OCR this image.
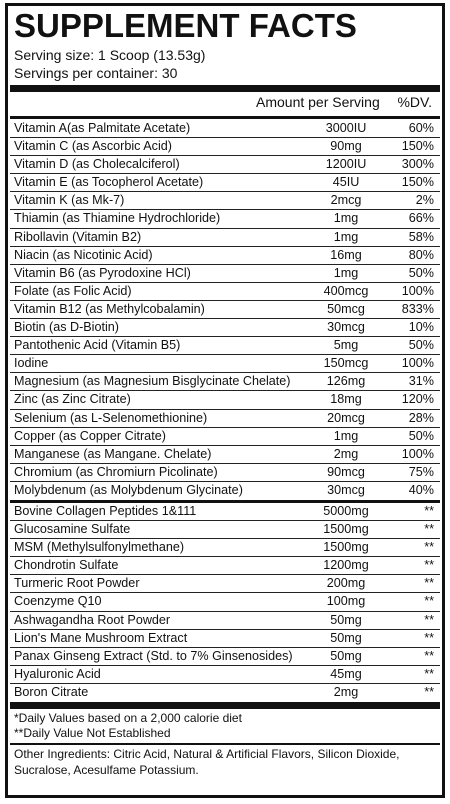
SUPPLEMENT FACTS
Serving size: 1 Scoop (13.53g)
Servings per container: 30
Amount per Serving %DV.
Vitamin A(as Palmitate Acetate)	3000IU	60%
Vitamin C (as Ascorbic Acid)	90mg	150%
Vitamin D (as Cholecalciferol)	1200IU	300%
Vitamin E (as Tocopherol Acetate)	45IU	150%
Vitamin K (as Mk-7)	2mcg	2%
Thiamin (as Thiamine Hydrochloride)	1mg	66%
Ribollavin (Vitamin B2)	1mg	58%
Niacin (as Nicotinic Acid)	16mg	80%
Vitamin B6 (as Pyrodoxine HCl)	1mg	50%
Folate (as Folic Acid)	400mcg	100%
Vitamin B12 (as Methylcobalamin)	50mcg	833%
Biotin (as D-Biotin)	30mcg	10%
Pantothenic Acid (Vitamin B5)	5mg	50%
Iodine	150mcg	100%
Magnesium (as Magnesium Bisglycinate Chelate)	126mg	31%
Zinc (as Zinc Citrate)	18mg	120%
Selenium (as L-Selenomethionine)	20mcg	28%
Copper (as Copper Citrate)	1mg	50%
Manganese (as Mangane. Chelate)	2mg	100%
Chromium (as Chromiurn Picolinate)	90mcg	75%
Molybdenum (as Molybdenum Glycinate)	30mcg	40%
Bovine Collagen Peptides 1&111	5000mg	**
Glucosamine Sulfate	1500mg	**
MSM (Methylsulfonylmethane)	1500mg	**
Chondrotin Sulfate	1200mg	**
Turmeric Root Powder	200mg	**
Coenzyme Q10	100mg	**
Ashwagandha Root Powder	50mg	**
Lion's Mane Mushroom Extract	50mg	**
Panax Ginseng Extract (Std. to 7% Ginsenosides)	50mg	**
Hyaluronic Acid	45mg	**
Boron Citrate	2mg	**
*Daily Values based on a 2,000 calorie diet
**Daily Value Not Established
Other Ingredients: Citric Acid, Natural & Artificial Flavors, Silicon Dioxide, Sucralose, Acesulfame Potassium.
